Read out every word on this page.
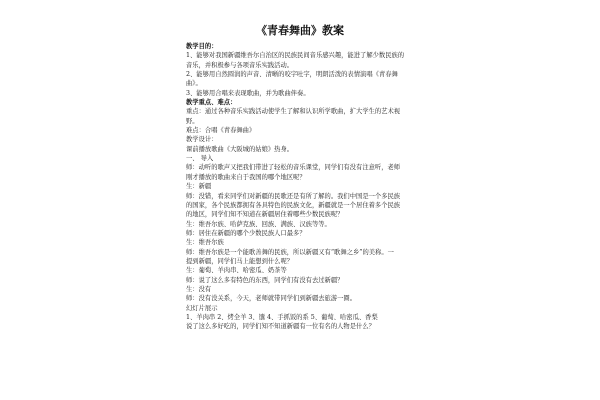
《青春舞曲》教案
教学目的：
1、能够对我国新疆维吾尔自治区的民族民间音乐感兴趣，能进了解少数民族的
音乐，并积极参与各项音乐实践活动。
2、能够用自然圆润的声音、清晰的咬字吐字，明朗活泼的表情演唱《青春舞
曲》。
3、能够用合唱来表现歌曲，并为歌曲伴奏。
教学重点、难点：
重点：通过各种音乐实践活动使学生了解和认识所学歌曲，扩大学生的艺术视
野。
难点：合唱《青春舞曲》
教学设计：
课前播放歌曲《大阪城的姑娘》热身。
一、 导入
师：动听的歌声又把我们带进了轻松的音乐课堂，同学们有没有注意听，老师
刚才播放的歌曲来自于我国的哪个地区呢？
生：新疆
师：没错，看来同学们对新疆的民歌还是有所了解的。我们中国是一个多民族
的国家，各个民族都拥有各具特色的民族文化，新疆就是一个居住着多个民族
的地区，同学们知不知道在新疆居住着哪些少数民族呢？
生：维吾尔族、哈萨克族、回族、满族、汉族等等。
师：居住在新疆的哪个少数民族人口最多？
生：维吾尔族
师：维吾尔族是一个能歌善舞的民族，所以新疆又有“歌舞之乡”的美称。一
提到新疆，同学们马上能想到什么呢？
生：葡萄、羊肉串、哈密瓜、奶茶等
师：说了这么多有特色的东西，同学们有没有去过新疆？
生：没有
师：没有没关系，今天，老师就带同学们到新疆去旅游一圈。
幻灯片展示
1、羊肉串 2、烤全羊 3、馕 4、手抓饭的系 5、葡萄、哈密瓜、香梨
说了这么多好吃的，同学们知不知道新疆有一位有名的人物是什么？
